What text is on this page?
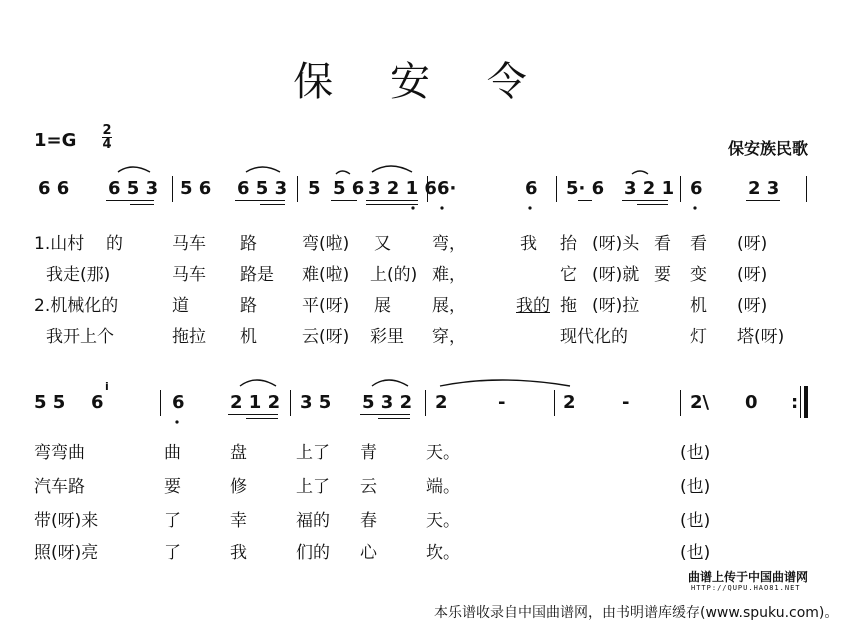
保 安 令
1=G 2
4	保安族民歌
6 6 6 5 3 5 6 6 5 3 5 5 6 3 2 1 6 6·	6 5· 6 3 2 1 6	2 3
1.山村 的	马车 路	弯(啦) 又 弯，	我 抬 (呀)头 看 看 (呀)
我走(那)	马车 路是 难(啦) 上(的) 难，	它 (呀)就 要 变 (呀)
2.机械化的	道	路	平(呀) 展 展，	我的 拖 (呀)拉	机 (呀)
我开上个	拖拉 机	云(呀) 彩里 穿，	现代化的	灯 塔(呀)
5 5 6
i
6	2 1 2 3 5 5 3 2 2	-	2	-	2\ 0 :
弯弯曲	曲	盘	上了 青	天。	(也)
汽车路	要	修	上了 云	端。	(也)
带(呀)来	了	幸	福的 春	天。	(也)
照(呀)亮	了	我	们的 心	坎。	(也)
曲谱上传于中国曲谱网
HTTP://QUPU.HAO81.NET
本乐谱收录自中国曲谱网，由书明谱库缓存(www.spuku.com)。
